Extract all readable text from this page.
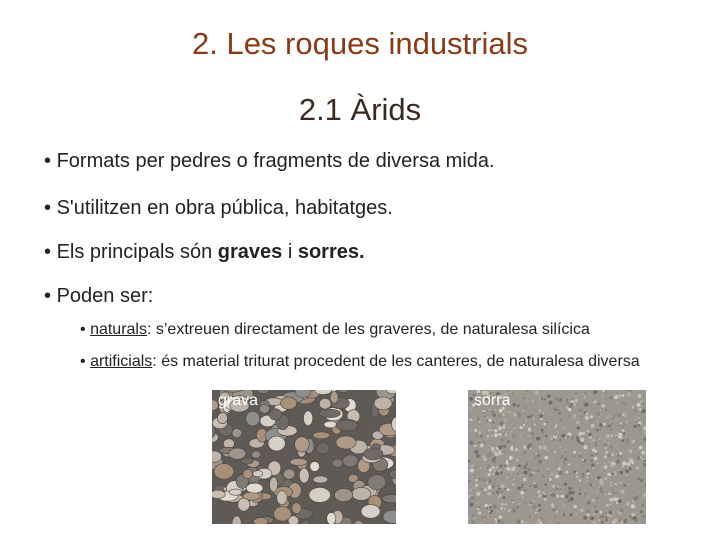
2. Les roques industrials
2.1 Àrids
• Formats per pedres o fragments de diversa mida.
• S'utilitzen en obra pública, habitatges.
• Els principals són graves i sorres.
• Poden ser:
• naturals: s’extreuen directament de les graveres, de naturalesa silícica
• artificials: és material triturat procedent de les canteres, de naturalesa diversa
grava	sorra
